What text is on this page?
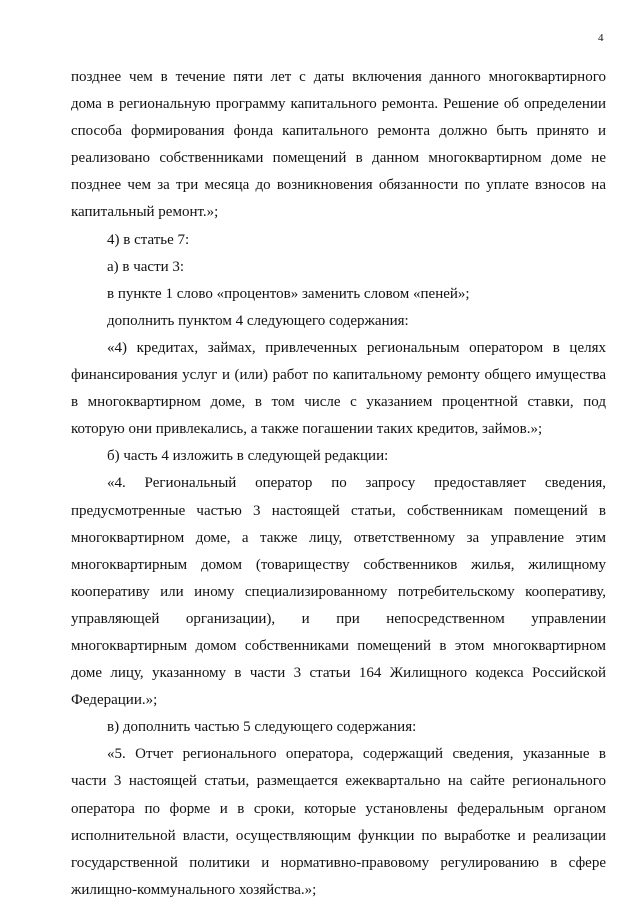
4
позднее чем в течение пяти лет с даты включения данного многоквартирного
дома в региональную программу капитального ремонта. Решение об определении
способа формирования фонда капитального ремонта должно быть принято и
реализовано собственниками помещений в данном многоквартирном доме не
позднее чем за три месяца до возникновения обязанности по уплате взносов на
капитальный ремонт.»;
4) в статье 7:
а) в части 3:
в пункте 1 слово «процентов» заменить словом «пеней»;
дополнить пунктом 4 следующего содержания:
«4) кредитах, займах, привлеченных региональным оператором в целях
финансирования услуг и (или) работ по капитальному ремонту общего имущества
в многоквартирном доме, в том числе с указанием процентной ставки, под
которую они привлекались, а также погашении таких кредитов, займов.»;
б) часть 4 изложить в следующей редакции:
«4. Региональный оператор по запросу предоставляет сведения,
предусмотренные частью 3 настоящей статьи, собственникам помещений в
многоквартирном доме, а также лицу, ответственному за управление этим
многоквартирным домом (товариществу собственников жилья, жилищному
кооперативу или иному специализированному потребительскому кооперативу,
управляющей организации), и при непосредственном управлении
многоквартирным домом собственниками помещений в этом многоквартирном
доме лицу, указанному в части 3 статьи 164 Жилищного кодекса Российской
Федерации.»;
в) дополнить частью 5 следующего содержания:
«5. Отчет регионального оператора, содержащий сведения, указанные в
части 3 настоящей статьи, размещается ежеквартально на сайте регионального
оператора по форме и в сроки, которые установлены федеральным органом
исполнительной власти, осуществляющим функции по выработке и реализации
государственной политики и нормативно-правовому регулированию в сфере
жилищно-коммунального хозяйства.»;
